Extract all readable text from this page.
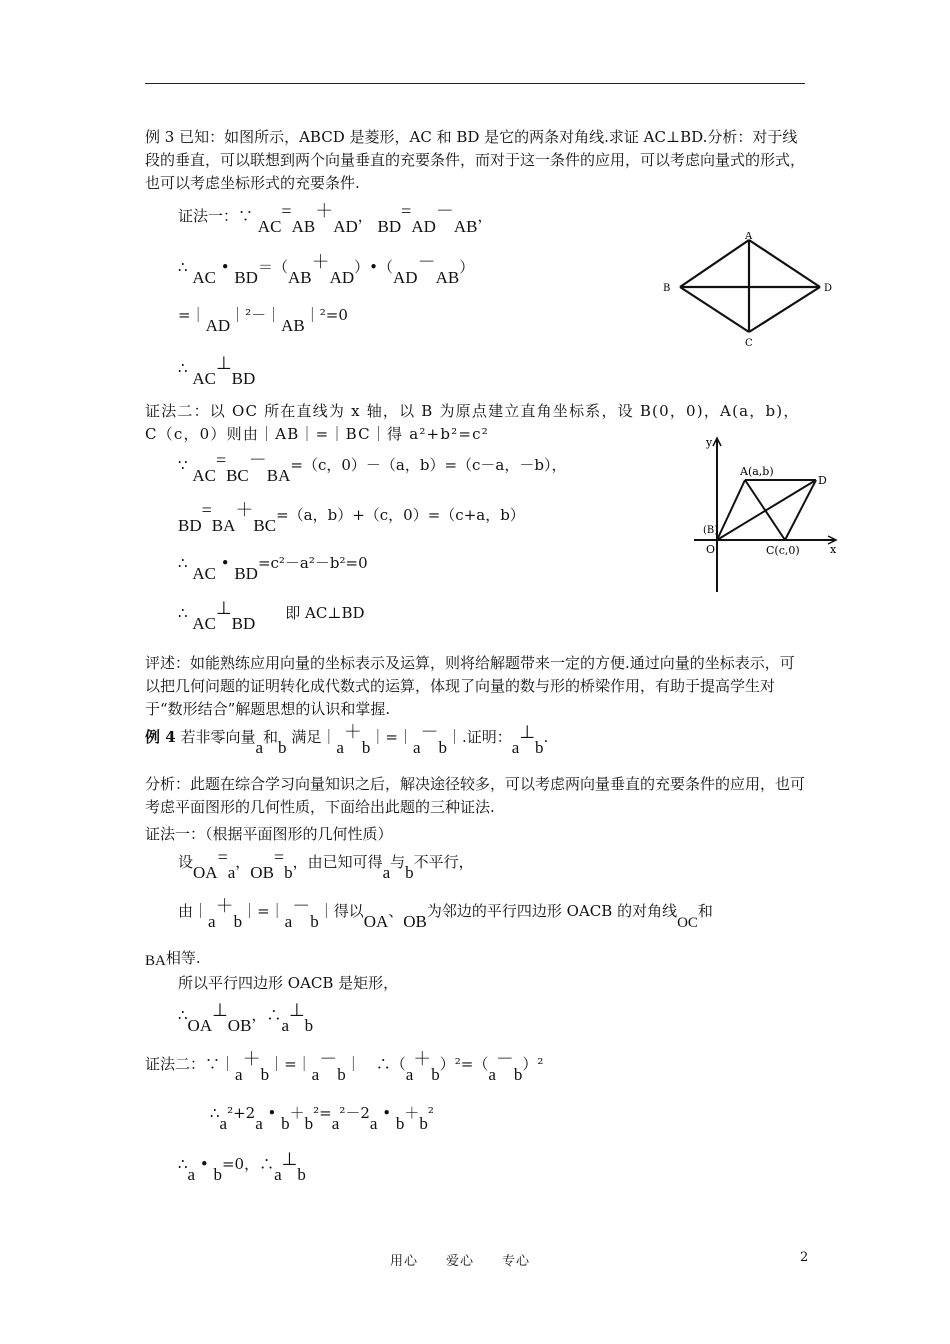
例 3 已知：如图所示，ABCD 是菱形，AC 和 BD 是它的两条对角线.求证 AC⊥BD.分析：对于线段的垂直，可以联想到两个向量垂直的充要条件，而对于这一条件的应用，可以考虑向量式的形式，也可以考虑坐标形式的充要条件.
证法一：∵ AC=AB＋AD， BD=AD－AB，
∴ AC • BD＝（AB＋AD）•（AD－AB）
=｜AD｜²－｜AB｜²=0
∴ AC⊥BD
A
B	D
C
证法二：以 OC 所在直线为 x 轴，以 B 为原点建立直角坐标系，设 B(0，0)，A(a，b)，C（c，0）则由｜AB｜=｜BC｜得 a²+b²=c²
∵ AC=BC－BA=（c，0）－（a，b）=（c－a，－b），
BD=BA＋BC=（a，b）+（c，0）=（c+a，b）
∴ AC • BD=c²－a²－b²=0
∴ AC⊥BD　　即 AC⊥BD
y
x
A(a,b)
D
(B)
O	C(c,0)
评述：如能熟练应用向量的坐标表示及运算，则将给解题带来一定的方便.通过向量的坐标表示，可以把几何问题的证明转化成代数式的运算，体现了向量的数与形的桥梁作用，有助于提高学生对于“数形结合”解题思想的认识和掌握.
例 4 若非零向量a和b 满足｜a＋b｜=｜a－b｜.证明：a⊥b.
分析：此题在综合学习向量知识之后，解决途径较多，可以考虑两向量垂直的充要条件的应用，也可考虑平面图形的几何性质，下面给出此题的三种证法.
证法一：（根据平面图形的几何性质）
设OA=a，OB=b，由已知可得a与b不平行，
由｜a＋b｜=｜a－b｜得以OA、OB为邻边的平行四边形 OACB 的对角线OC和
BA相等.
所以平行四边形 OACB 是矩形，
∴OA⊥OB，∴a⊥b
证法二：∵｜a＋b｜=｜a－b｜　 ∴（a＋b）²=（a－b）²
∴a²+2a • b＋b²=a²－2a • b＋b²
∴a • b=0，∴a⊥b
用心　　爱心　　专心	2
